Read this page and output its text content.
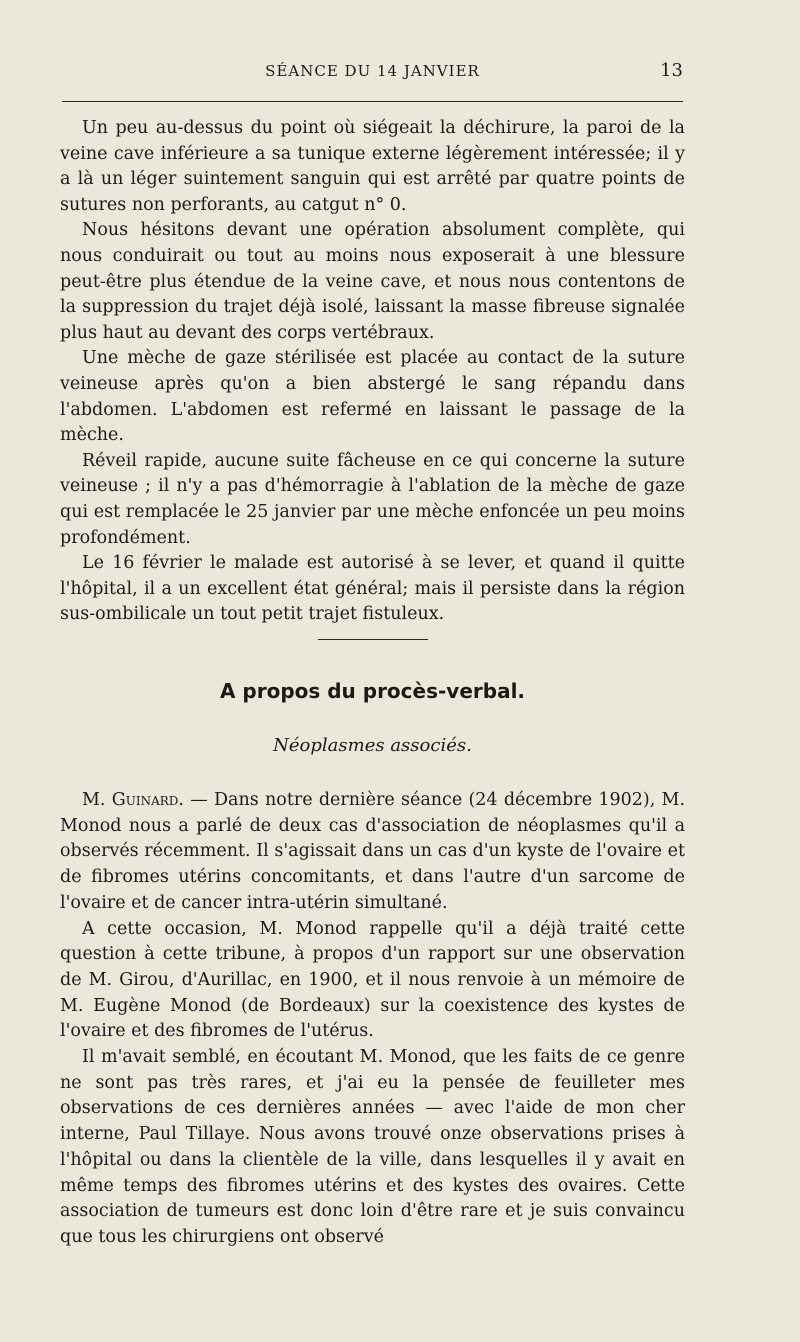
SÉANCE DU 14 JANVIER	13

Un peu au-dessus du point où siégeait la déchirure, la paroi de la veine cave inférieure a sa tunique externe légèrement intéressée; il y a là un léger suintement sanguin qui est arrêté par quatre points de sutures non perforants, au catgut n° 0.

Nous hésitons devant une opération absolument complète, qui nous conduirait ou tout au moins nous exposerait à une blessure peut-être plus étendue de la veine cave, et nous nous contentons de la suppression du trajet déjà isolé, laissant la masse fibreuse signalée plus haut au devant des corps vertébraux.

Une mèche de gaze stérilisée est placée au contact de la suture veineuse après qu'on a bien abstergé le sang répandu dans l'abdomen. L'abdomen est refermé en laissant le passage de la mèche.

Réveil rapide, aucune suite fâcheuse en ce qui concerne la suture veineuse ; il n'y a pas d'hémorragie à l'ablation de la mèche de gaze qui est remplacée le 25 janvier par une mèche enfoncée un peu moins profondément.

Le 16 février le malade est autorisé à se lever, et quand il quitte l'hôpital, il a un excellent état général; mais il persiste dans la région sus-ombilicale un tout petit trajet fistuleux.

A propos du procès-verbal.
Néoplasmes associés.

M. Guinard. — Dans notre dernière séance (24 décembre 1902), M. Monod nous a parlé de deux cas d'association de néoplasmes qu'il a observés récemment. Il s'agissait dans un cas d'un kyste de l'ovaire et de fibromes utérins concomitants, et dans l'autre d'un sarcome de l'ovaire et de cancer intra-utérin simultané.

A cette occasion, M. Monod rappelle qu'il a déjà traité cette question à cette tribune, à propos d'un rapport sur une observation de M. Girou, d'Aurillac, en 1900, et il nous renvoie à un mémoire de M. Eugène Monod (de Bordeaux) sur la coexistence des kystes de l'ovaire et des fibromes de l'utérus.

Il m'avait semblé, en écoutant M. Monod, que les faits de ce genre ne sont pas très rares, et j'ai eu la pensée de feuilleter mes observations de ces dernières années — avec l'aide de mon cher interne, Paul Tillaye. Nous avons trouvé onze observations prises à l'hôpital ou dans la clientèle de la ville, dans lesquelles il y avait en même temps des fibromes utérins et des kystes des ovaires. Cette association de tumeurs est donc loin d'être rare et je suis convaincu que tous les chirurgiens ont observé
